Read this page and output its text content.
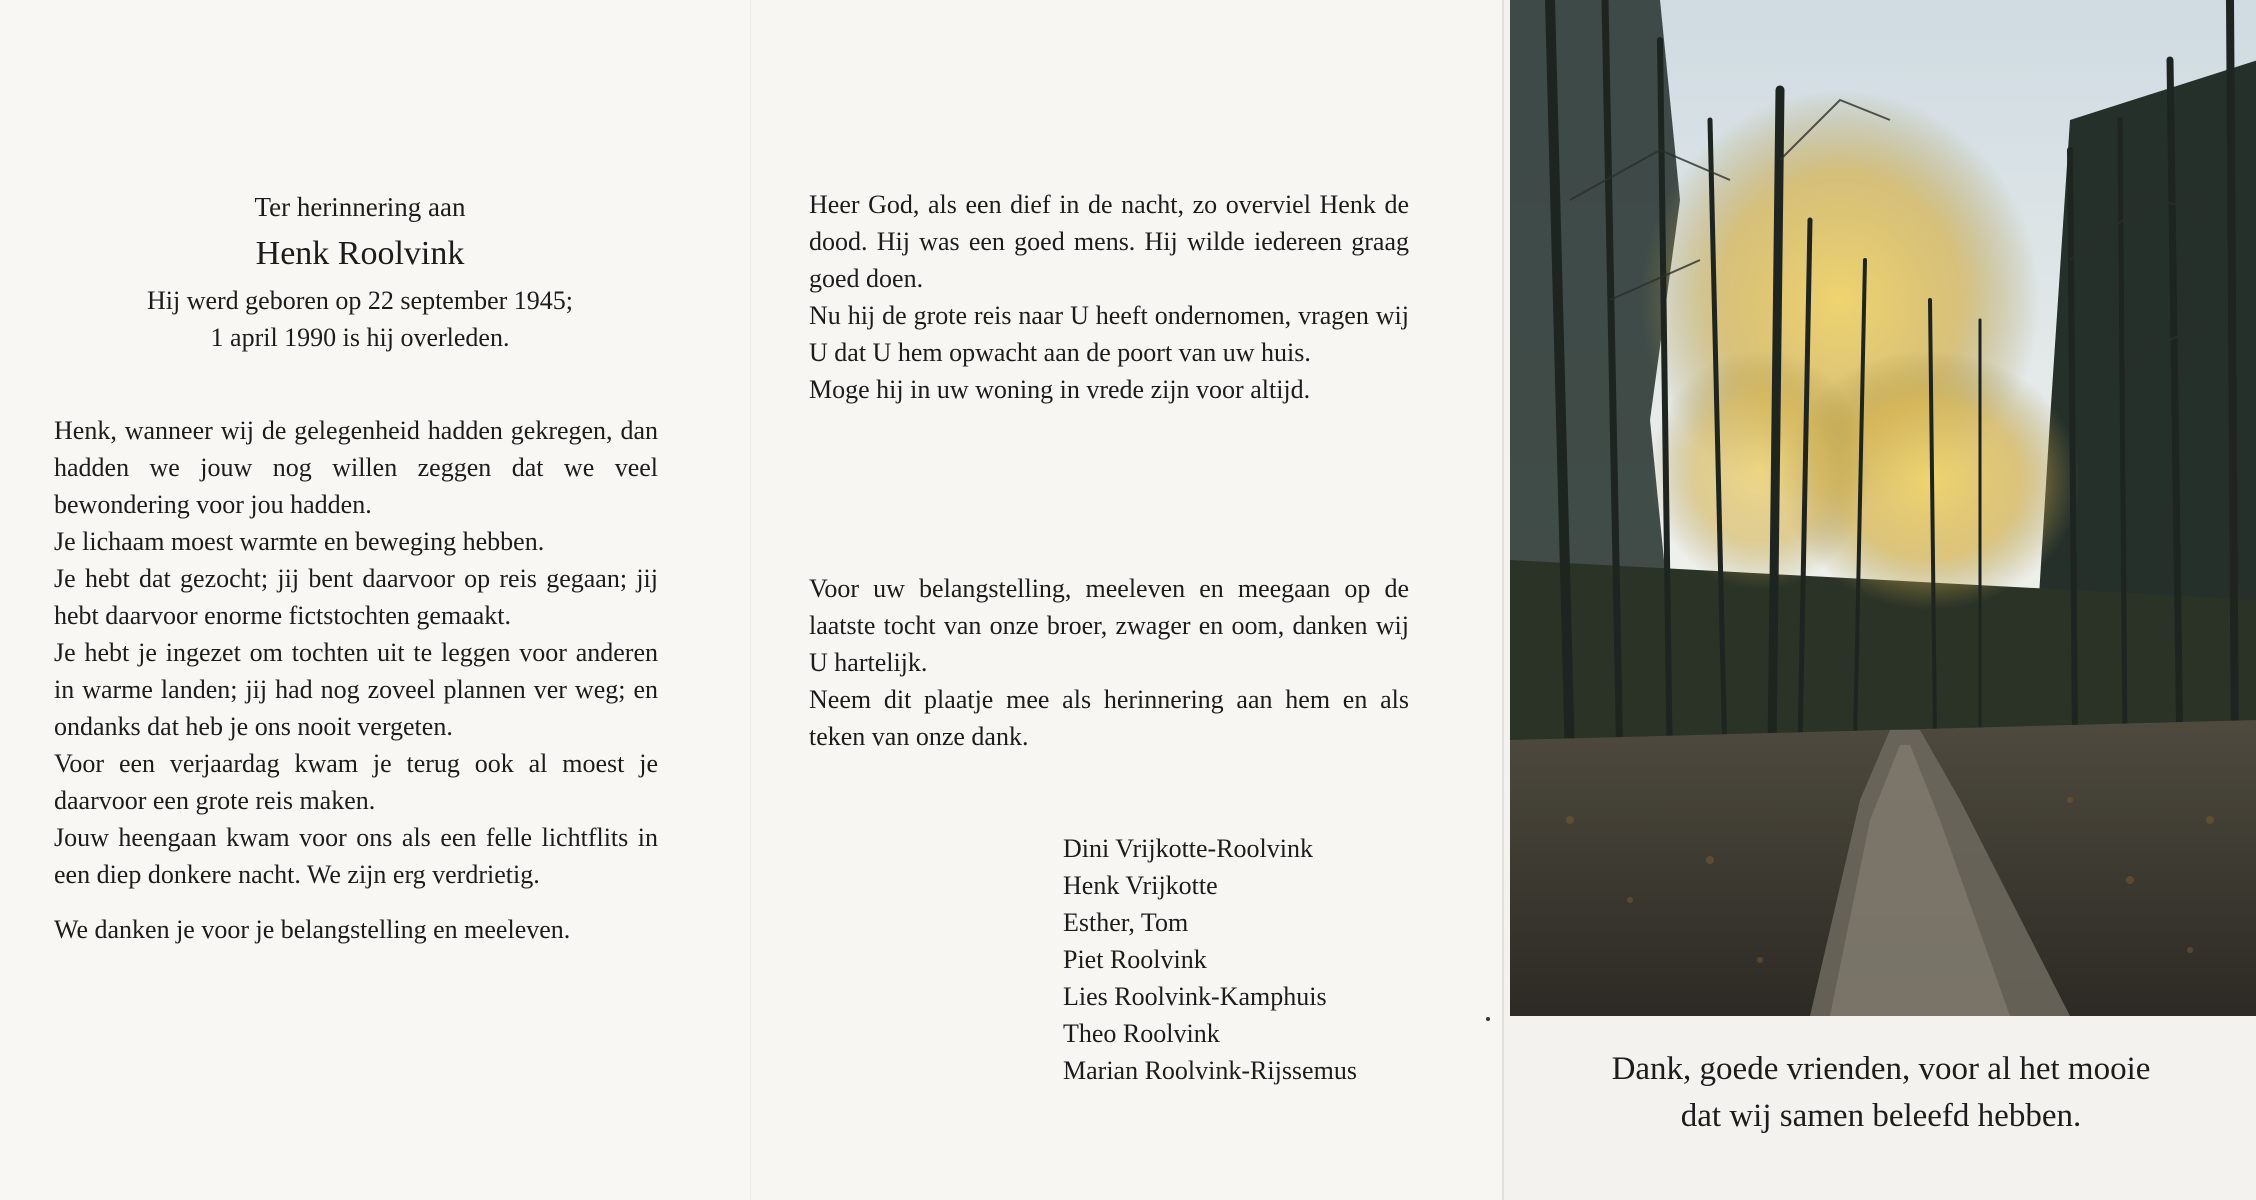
Ter herinnering aan

Henk Roolvink

Hij werd geboren op 22 september 1945;

1 april 1990 is hij overleden.

Henk, wanneer wij de gelegenheid hadden gekregen, dan hadden we jouw nog willen zeggen dat we veel bewondering voor jou hadden.

Je lichaam moest warmte en beweging hebben.

Je hebt dat gezocht; jij bent daarvoor op reis gegaan; jij hebt daarvoor enorme fictstochten gemaakt.

Je hebt je ingezet om tochten uit te leggen voor anderen in warme landen; jij had nog zoveel plannen ver weg; en ondanks dat heb je ons nooit vergeten.

Voor een verjaardag kwam je terug ook al moest je daarvoor een grote reis maken.

Jouw heengaan kwam voor ons als een felle lichtflits in een diep donkere nacht. We zijn erg verdrietig.

We danken je voor je belangstelling en meeleven.

Heer God, als een dief in de nacht, zo overviel Henk de dood. Hij was een goed mens. Hij wilde iedereen graag goed doen.

Nu hij de grote reis naar U heeft ondernomen, vragen wij U dat U hem opwacht aan de poort van uw huis.

Moge hij in uw woning in vrede zijn voor altijd.

Voor uw belangstelling, meeleven en meegaan op de laatste tocht van onze broer, zwager en oom, danken wij U hartelijk.

Neem dit plaatje mee als herinnering aan hem en als teken van onze dank.

Dini Vrijkotte-Roolvink
Henk Vrijkotte
Esther, Tom
Piet Roolvink
Lies Roolvink-Kamphuis
Theo Roolvink
Marian Roolvink-Rijssemus	Dank, goede vrienden, voor al het mooie
dat wij samen beleefd hebben.
